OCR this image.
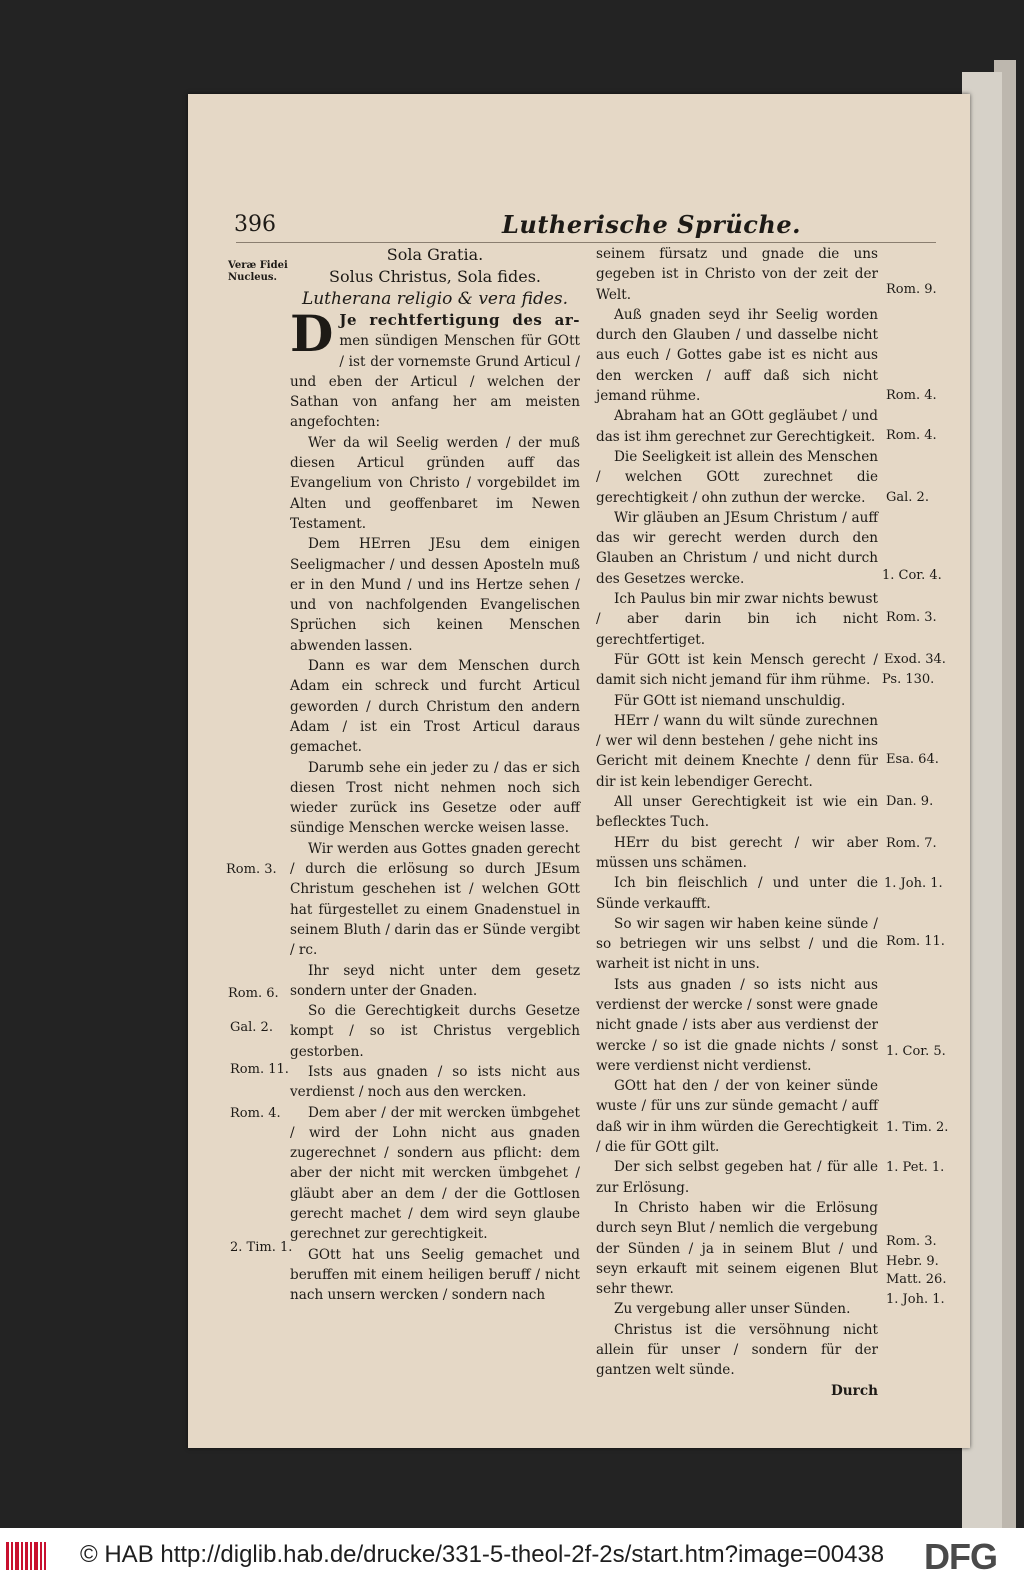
396	Lutherische Sprüche.
Veræ Fidei Nucleus.
Sola Gratia.
Solus Christus, Sola fides.
Lutherana religio & vera fides.

D Je rechtfertigung des ar- men sündigen Menschen für GOtt / ist der vornemste Grund Articul / und eben der Articul / welchen der Sathan von anfang her am meisten angefochten:

Wer da wil Seelig werden / der muß diesen Articul gründen auff das Evangelium von Christo / vorgebildet im Alten und geoffenbaret im Newen Testament.

Dem HErren JEsu dem einigen Seeligmacher / und dessen Aposteln muß er in den Mund / und ins Hertze sehen / und von nachfolgenden Evangelischen Sprüchen sich keinen Menschen abwenden lassen.

Dann es war dem Menschen durch Adam ein schreck und furcht Articul geworden / durch Christum den andern Adam / ist ein Trost Articul daraus gemachet.

Darumb sehe ein jeder zu / das er sich diesen Trost nicht nehmen noch sich wieder zurück ins Gesetze oder auff sündige Menschen wercke weisen lasse.

Wir werden aus Gottes gnaden gerecht / durch die erlösung so durch JEsum Christum geschehen ist / welchen GOtt hat fürgestellet zu einem Gnadenstuel in seinem Bluth / darin das er Sünde vergibt / rc.

Ihr seyd nicht unter dem gesetz sondern unter der Gnaden.

So die Gerechtigkeit durchs Gesetze kompt / so ist Christus vergeblich gestorben.

Ists aus gnaden / so ists nicht aus verdienst / noch aus den wercken.

Dem aber / der mit wercken ümbgehet / wird der Lohn nicht aus gnaden zugerechnet / sondern aus pflicht: dem aber der nicht mit wercken ümbgehet / gläubt aber an dem / der die Gottlosen gerecht machet / dem wird seyn glaube gerechnet zur gerechtigkeit.

GOtt hat uns Seelig gemachet und beruffen mit einem heiligen beruff / nicht nach unsern wercken / sondern nach

Rom. 3.
Rom. 6.
Gal. 2.
Rom. 11.
Rom. 4.
2. Tim. 1.

seinem fürsatz und gnade die uns gegeben ist in Christo von der zeit der Welt.

Auß gnaden seyd ihr Seelig worden durch den Glauben / und dasselbe nicht aus euch / Gottes gabe ist es nicht aus den wercken / auff daß sich nicht jemand rühme.

Abraham hat an GOtt gegläubet / und das ist ihm gerechnet zur Gerechtigkeit.

Die Seeligkeit ist allein des Menschen / welchen GOtt zurechnet die gerechtigkeit / ohn zuthun der wercke.

Wir gläuben an JEsum Christum / auff das wir gerecht werden durch den Glauben an Christum / und nicht durch des Gesetzes wercke.

Ich Paulus bin mir zwar nichts bewust / aber darin bin ich nicht gerechtfertiget.

Für GOtt ist kein Mensch gerecht / damit sich nicht jemand für ihm rühme.

Für GOtt ist niemand unschuldig.

HErr / wann du wilt sünde zurechnen / wer wil denn bestehen / gehe nicht ins Gericht mit deinem Knechte / denn für dir ist kein lebendiger Gerecht.

All unser Gerechtigkeit ist wie ein beflecktes Tuch.

HErr du bist gerecht / wir aber müssen uns schämen.

Ich bin fleischlich / und unter die Sünde verkaufft.

So wir sagen wir haben keine sünde / so betriegen wir uns selbst / und die warheit ist nicht in uns.

Ists aus gnaden / so ists nicht aus verdienst der wercke / sonst were gnade nicht gnade / ists aber aus verdienst der wercke / so ist die gnade nichts / sonst were verdienst nicht verdienst.

GOtt hat den / der von keiner sünde wuste / für uns zur sünde gemacht / auff daß wir in ihm würden die Gerechtigkeit / die für GOtt gilt.

Der sich selbst gegeben hat / für alle zur Erlösung.

In Christo haben wir die Erlösung durch seyn Blut / nemlich die vergebung der Sünden / ja in seinem Blut / und seyn erkauft mit seinem eigenen Blut sehr thewr.

Zu vergebung aller unser Sünden.

Christus ist die versöhnung nicht allein für unser / sondern für der gantzen welt sünde.

Durch
Rom. 9.
Rom. 4.
Rom. 4.
Gal. 2.
1. Cor. 4.
Rom. 3.
Exod. 34.
Ps. 130.
Esa. 64.
Dan. 9.
Rom. 7.
1. Joh. 1.
Rom. 11.
1. Cor. 5.
1. Tim. 2.
1. Pet. 1.
Rom. 3.
Hebr. 9.
Matt. 26.
1. Joh. 1.
© HAB http://diglib.hab.de/drucke/331-5-theol-2f-2s/start.htm?image=00438 DFG
